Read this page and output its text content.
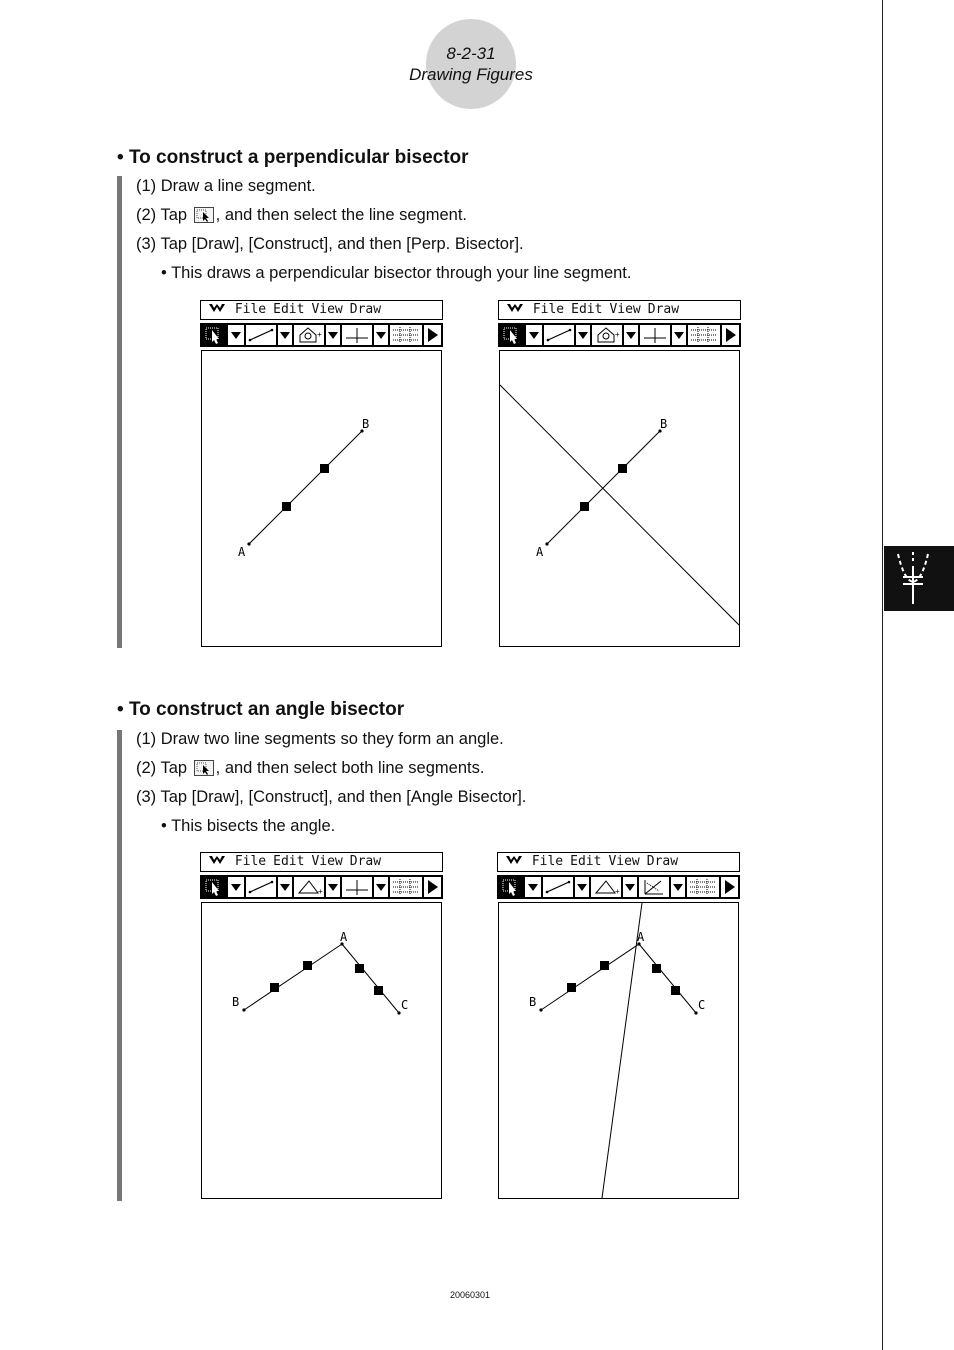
8-2-31
Drawing Figures
• To construct a perpendicular bisector
(1) Draw a line segment.
(2) Tap , and then select the line segment.
(3) Tap [Draw], [Construct], and then [Perp. Bisector].
• This draws a perpendicular bisector through your line segment.
File Edit View Draw
+
A
B
File Edit View Draw
+
A
B
• To construct an angle bisector
(1) Draw two line segments so they form an angle.
(2) Tap , and then select both line segments.
(3) Tap [Draw], [Construct], and then [Angle Bisector].
• This bisects the angle.
File Edit View Draw
+
A
B	C
File Edit View Draw
+
A
B	C
20060301
